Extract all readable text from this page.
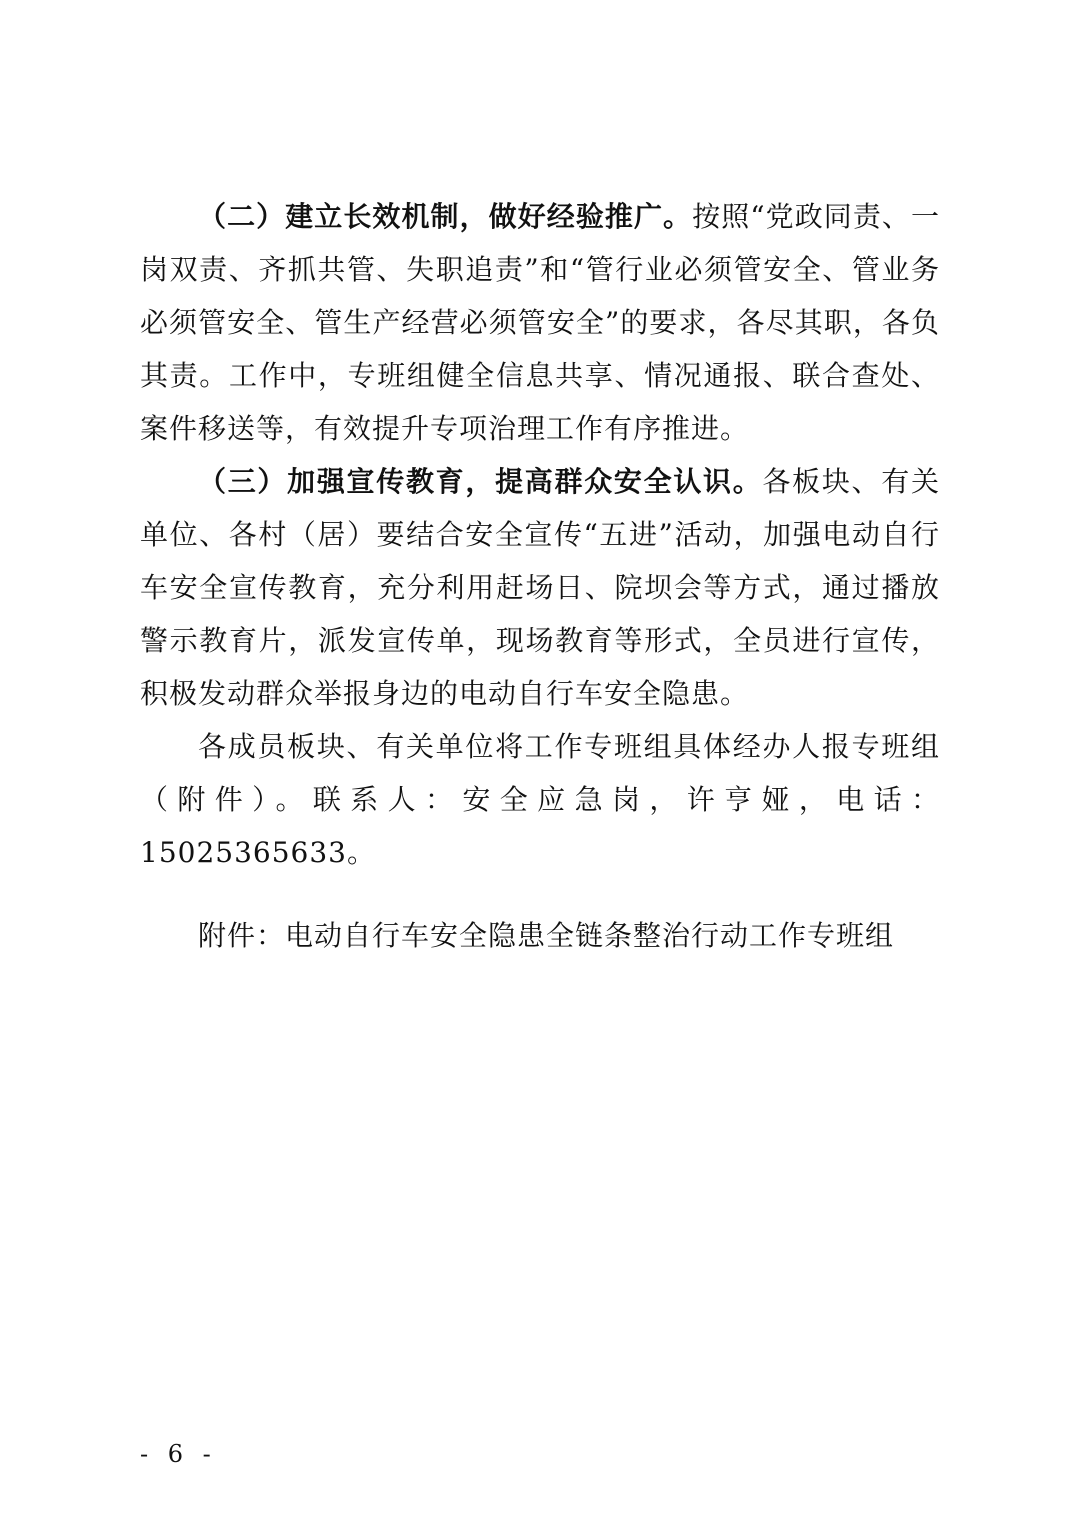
（二）建立长效机制，做好经验推广。按照“党政同责、一岗双责、齐抓共管、失职追责”和“管行业必须管安全、管业务必须管安全、管生产经营必须管安全”的要求，各尽其职，各负其责。工作中，专班组健全信息共享、情况通报、联合查处、案件移送等，有效提升专项治理工作有序推进。

（三）加强宣传教育，提高群众安全认识。各板块、有关单位、各村（居）要结合安全宣传“五进”活动，加强电动自行车安全宣传教育，充分利用赶场日、院坝会等方式，通过播放警示教育片，派发宣传单，现场教育等形式，全员进行宣传，积极发动群众举报身边的电动自行车安全隐患。

各成员板块、有关单位将工作专班组具体经办人报专班组（附件）。联系人：安全应急岗，许亨娅，电话：15025365633。

附件：电动自行车安全隐患全链条整治行动工作专班组

- 6 -
